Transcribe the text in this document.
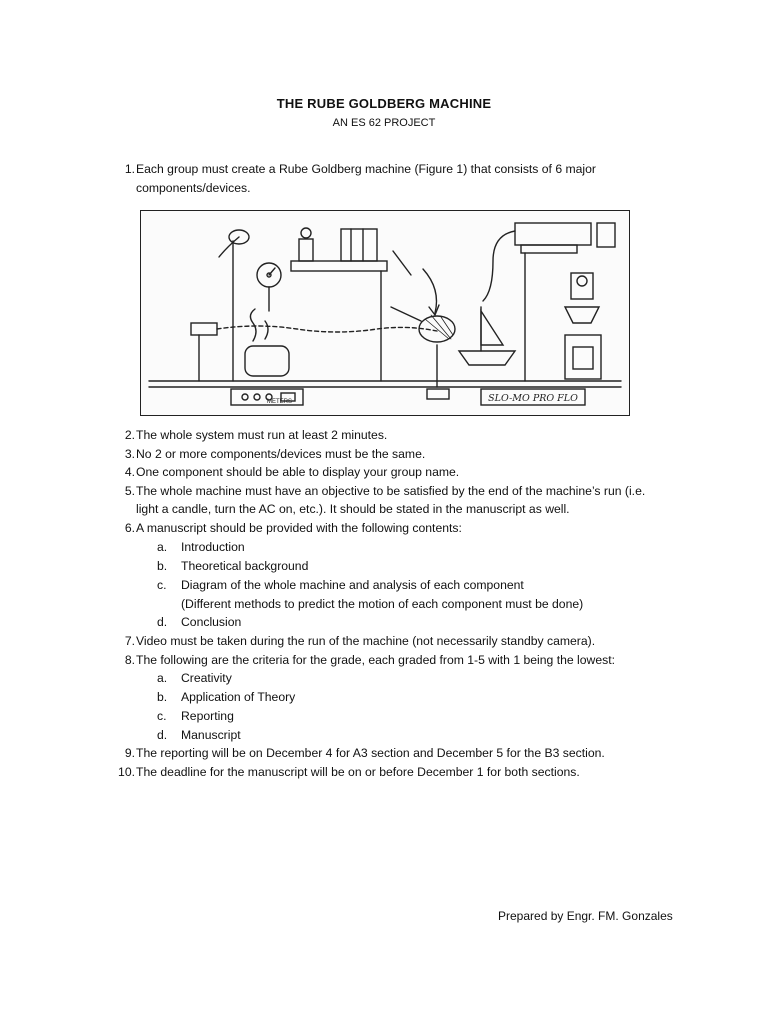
THE RUBE GOLDBERG MACHINE
AN ES 62 PROJECT
1. Each group must create a Rube Goldberg machine (Figure 1) that consists of 6 major
components/devices.
METERS	SLO-MO PRO FLO
2. The whole system must run at least 2 minutes.
3. No 2 or more components/devices must be the same.
4. One component should be able to display your group name.
5. The whole machine must have an objective to be satisfied by the end of the machine’s run (i.e.
light a candle, turn the AC on, etc.). It should be stated in the manuscript as well.
6. A manuscript should be provided with the following contents:
a. Introduction
b. Theoretical background
c. Diagram of the whole machine and analysis of each component
(Different methods to predict the motion of each component must be done)
d. Conclusion
7. Video must be taken during the run of the machine (not necessarily standby camera).
8. The following are the criteria for the grade, each graded from 1-5 with 1 being the lowest:
a. Creativity
b. Application of Theory
c. Reporting
d. Manuscript
9. The reporting will be on December 4 for A3 section and December 5 for the B3 section.
10. The deadline for the manuscript will be on or before December 1 for both sections.
Prepared by Engr. FM. Gonzales
